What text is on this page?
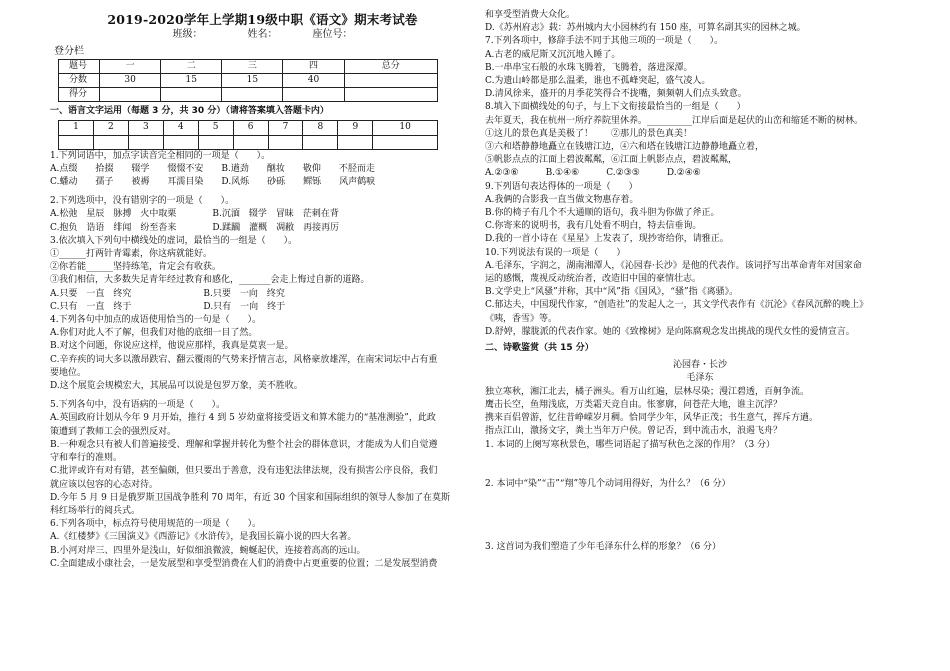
2019-2020学年上学期19级中职《语文》期末考试卷
班级：　　　　　姓名：　　　　座位号：
登分栏
题号	一	二	三	四	总分
分数	30	15	15	40	
得分					
一、语言文字运用（每题 3 分，共 30 分）（请将答案填入答题卡内）
1	2	3	4	5	6	7	8	9	10

1.下列词语中，加点字读音完全相同的一项是（　　）。
A.点缀　　拾掇　　辍学　　惙惙不安　　B.遒劲　　酗妆　　敬仰　　不胫而走
C.蟠动　　孺子　　被褥　　耳濡目染　　D.风烁　　砂砾　　鳏铄　　风声鹤唳
2.下列选项中，没有错别字的一项是（　　）。
A.松弛　星辰　脉搏　火中取栗　　　　B.沉湎　辍学　冒昧　茫刺在背
C.抱负　诰语　绯闻　纷至沓来　　　　D.蹂躏　灌概　凋敝　再接再厉
3.依次填入下列句中横线处的虚词，最恰当的一组是（　　）。
①______打两针青霉素，你这病就能好。
②你若能______坚持练笔，肯定会有收获。
③我们相信，大多数失足青年经过教育和感化，_______会走上悔过自新的道路。
A.只要　一直　终究　　　　　　　　B.只要　一向　终究
C.只有　一直　终于　　　　　　　　D.只有　一向　终于
4.下列各句中加点的成语使用恰当的一句是（　　）。
A.你们对此人不了解，但我们对他的底细一目了然。
B.对这个问题，你说应这样，他说应那样，我真是莫衷一是。
C.辛弃疾的词大多以激昂跌宕、翻云覆雨的气势来抒情言志，风格豪放雄浑，在南宋词坛中占有重
要地位。
D.这个展览会规模宏大，其展品可以说是包罗万象，美不胜收。
5.下列各句中，没有语病的一项是（　　）。
A.英国政府计划从今年 9 月开始，推行 4 到 5 岁幼童将接受语文和算术能力的“基准测验”，此政
策遭到了教师工会的强烈反对。
B.一种观念只有被人们普遍接受、理解和掌握并转化为整个社会的群体意识，才能成为人们自觉遵
守和奉行的准则。
C.批评或许有对有错，甚至偏颇，但只要出于善意，没有违犯法律法规，没有损害公序良俗，我们
就应该以包容的心态对待。
D.今年 5 月 9 日是俄罗斯卫国战争胜利 70 周年，有近 30 个国家和国际组织的领导人参加了在莫斯
科红场举行的阅兵式。
6.下列各项中，标点符号使用规范的一项是（　　）。
A.《红楼梦》《三国演义》《西游记》《水浒传》，是我国长篇小说的四大名著。
B.小河对岸三、四里外是浅山，好似细浪微波，蜿蜒起伏，连接着高高的远山。
C.全面建成小康社会，一是发展型和享受型消费在人们的消费中占更重要的位置；二是发展型消费
和享受型消费大众化。
D.《苏州府志》载：苏州城内大小园林约有 150 座，可算名副其实的园林之城。
7.下列各项中，修辞手法不同于其他三项的一项是（　　）。
A.古老的威尼斯又沉沉地入睡了。
B.一串串宝石般的水珠飞腾着，飞腾着，落进深潭。
C.为遗山岭都是那么温柔，谁也不孤峰突起，盛气凌人。
D.清风徐来，盛开的月季花笑得合不拢嘴，频频朝人们点头致意。
8.填入下面横线处的句子，与上下文衔接最恰当的一组是（　　）
去年夏天，我在杭州一所疗养院里休养。__________江岸后面是起伏的山峦和缩延不断的树林。
①这儿的景色真是美极了！　　②那儿的景色真美！
③六和塔静静地矗立在钱塘江边，④六和塔在钱塘江边静静地矗立着，
⑤帆影点点的江面上碧波粼粼，⑥江面上帆影点点，碧波粼粼，
A.②③⑥　　　B.①④⑥　　　C.②③⑤　　　D.②④⑥
9.下列语句表达得体的一项是（　　）
A.我俩的合影我一直当做文物惠存着。
B.你的椅子有几个不大通顺的语句，我斗胆为你做了斧正。
C.你寄来的说明书，我有几处看不明白，特去信垂询。
D.我的一首小诗在《星星》上发表了，现抄寄给你，请雅正。
10.下列说法有误的一项是（　　）
A.毛泽东，字润之，湖南湘潭人，《沁园春·长沙》是他的代表作。该词抒写出革命青年对国家命
运的感慨，蔑视反动统治者，改造旧中国的豪情壮志。
B.文学史上“风骚”并称，其中“风”指《国风》，“骚”指《离骚》。
C.郁达夫，中国现代作家，“创造社”的发起人之一，其文学代表作有《沉沦》《春风沉醉的晚上》
《咦，香雪》等。
D.舒婷，朦胧派的代表作家。她的《致橡树》是向陈腐观念发出挑战的现代女性的爱情宣言。
二、诗歌鉴赏（共 15 分）
沁园春・长沙
毛泽东
独立寒秋，湘江北去，橘子洲头。看万山红遍，层林尽染；漫江碧透，百舸争流。
鹰击长空，鱼翔浅底，万类霜天竞自由。怅寥廓，问苍茫大地，谁主沉浮？
携来百侣曾游，忆往昔峥嵘岁月稠。恰同学少年，风华正茂；书生意气，挥斥方遒。
指点江山，激扬文字，粪土当年万户侯。曾记否，到中流击水，浪遏飞舟？
1. 本词的上阕写寒秋景色，哪些词语起了描写秋色之深的作用？（3 分）
2. 本词中“染”“击”“翔”等几个动词用得好，为什么？（6 分）
3. 这首词为我们塑造了少年毛泽东什么样的形象？（6 分）
